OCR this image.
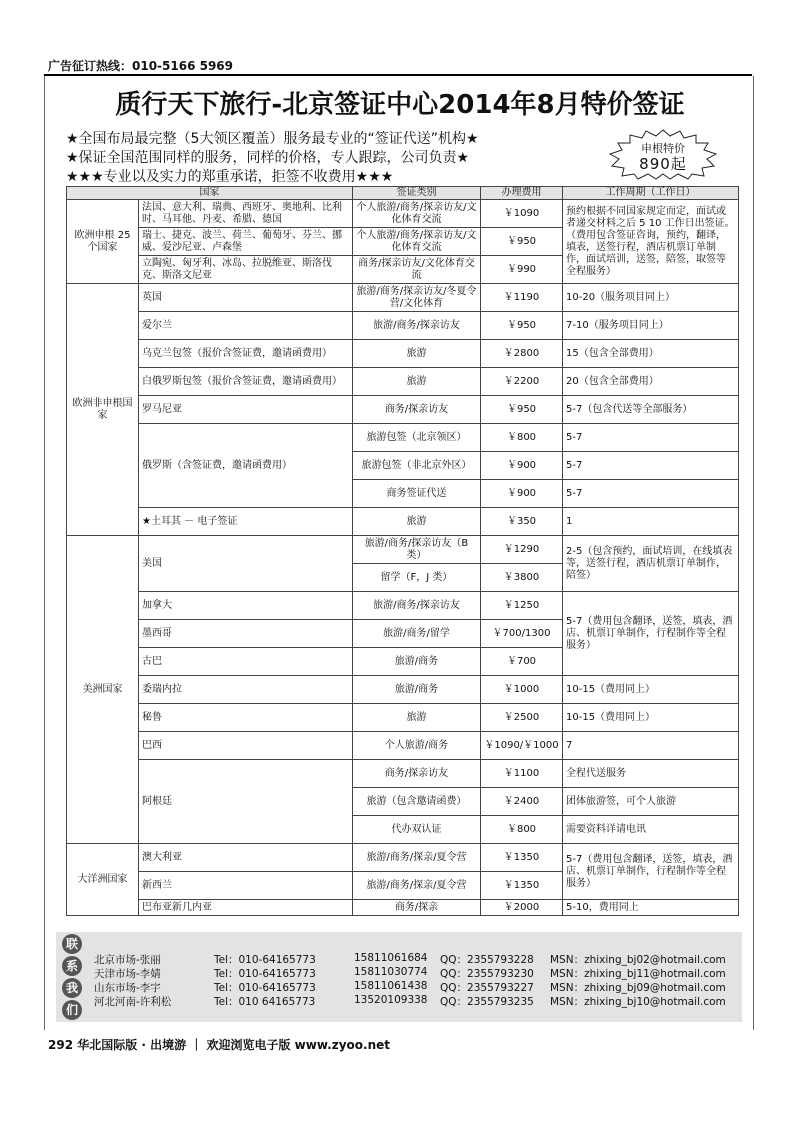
广告征订热线：010-5166 5969
质行天下旅行-北京签证中心2014年8月特价签证
★全国布局最完整（5大领区覆盖）服务最专业的“签证代送”机构★
★保证全国范围同样的服务，同样的价格，专人跟踪，公司负责★
★★★专业以及实力的郑重承诺，拒签不收费用★★★
申根特价
890起
国家		签证类别	办理费用	工作周期（工作日）
欧洲申根 25 个国家	法国、意大利、瑞典、西班牙、奥地利、比利时、马耳他、丹麦、希腊、德国	个人旅游/商务/探亲访友/文化体育交流	￥1090	预约根据不同国家规定而定，面试或者递交材料之后 5 10 工作日出签证。（费用包含签证咨询，预约，翻译，填表，送签行程，酒店机票订单制作，面试培训，送签，陪签，取签等全程服务）
	瑞士、捷克、波兰、荷兰、葡萄牙、芬兰、挪威、爱沙尼亚、卢森堡	个人旅游/商务/探亲访友/文化体育交流	￥950	
	立陶宛、匈牙利、冰岛、拉脱维亚、斯洛伐克、斯洛文尼亚	商务/探亲访友/文化体育交流	￥990	
欧洲非申根国家	英国	旅游/商务/探亲访友/冬夏令营/文化体育	￥1190	10-20（服务项目同上）
	爱尔兰	旅游/商务/探亲访友	￥950	7-10（服务项目同上）
	乌克兰包签（报价含签证费，邀请函费用）	旅游	￥2800	15（包含全部费用）
	白俄罗斯包签（报价含签证费，邀请函费用）	旅游	￥2200	20（包含全部费用）
	罗马尼亚	商务/探亲访友	￥950	5-7（包含代送等全部服务）
	俄罗斯（含签证费，邀请函费用）	旅游包签（北京领区）	￥800	5-7
		旅游包签（非北京外区）	￥900	5-7
		商务签证代送	￥900	5-7
	★土耳其 － 电子签证	旅游	￥350	1
美洲国家	美国	旅游/商务/探亲访友（B 类）	￥1290	2-5（包含预约，面试培训，在线填表等，送签行程，酒店机票订单制作，陪签）
		留学（F，J 类）	￥3800	
	加拿大	旅游/商务/探亲访友	￥1250	5-7（费用包含翻译，送签，填表，酒店、机票订单制作，行程制作等全程服务）
	墨西哥	旅游/商务/留学	￥700/1300	
	古巴	旅游/商务	￥700	
	委瑞内拉	旅游/商务	￥1000	10-15（费用同上）
	秘鲁	旅游	￥2500	10-15（费用同上）
	巴西	个人旅游/商务	￥1090/￥1000	7
	阿根廷	商务/探亲访友	￥1100	全程代送服务
		旅游（包含邀请函费）	￥2400	团体旅游签，可个人旅游
		代办双认证	￥800	需要资料详请电讯
大洋洲国家	澳大利亚	旅游/商务/探亲/夏令营	￥1350	5-7（费用包含翻译，送签，填表，酒店、机票订单制作，行程制作等全程服务）
	新西兰	旅游/商务/探亲/夏令营	￥1350	
	巴布亚新几内亚	商务/探亲	￥2000	5-10，费用同上
联
系
我
们
北京市场-张丽	Tel：010-64165773	15811061684 QQ：2355793228 MSN：zhixing_bj02@hotmail.com
天津市场-李婧	Tel：010-64165773	15811030774 QQ：2355793230 MSN：zhixing_bj11@hotmail.com
山东市场-李宇	Tel：010-64165773	15811061438 QQ：2355793227 MSN：zhixing_bj09@hotmail.com
河北河南-许利松	Tel：010 64165773	13520109338 QQ：2355793235 MSN：zhixing_bj10@hotmail.com
292 华北国际版 · 出境游 ｜ 欢迎浏览电子版 www.zyoo.net
